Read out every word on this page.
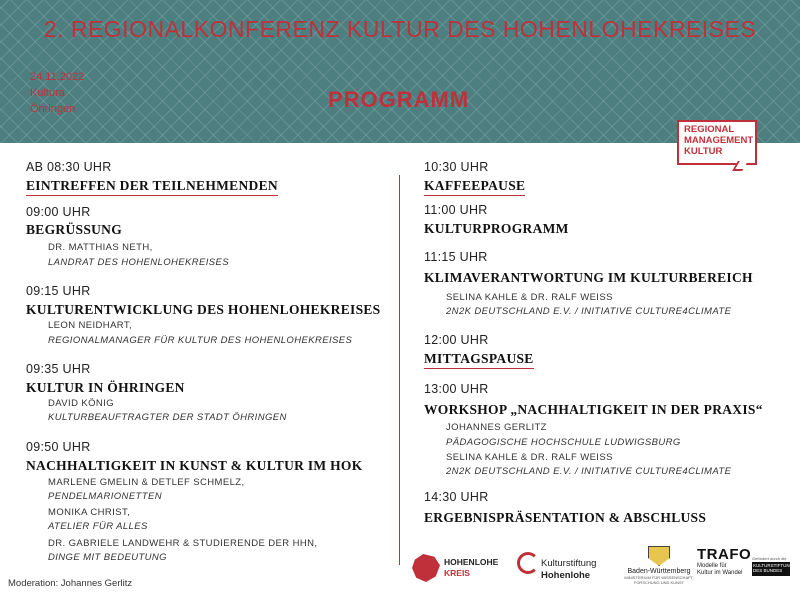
2. REGIONALKONFERENZ KULTUR DES HOHENLOHEKREISES
24.11.2022
Kultura
Öhringen	PROGRAMM
REGIONAL
MANAGEMENT
KULTUR
AB 08:30 UHR
EINTREFFEN DER TEILNEHMENDEN
09:00 UHR
BEGRÜSSUNG
DR. MATTHIAS NETH,
LANDRAT DES HOHENLOHEKREISES
09:15 UHR
KULTURENTWICKLUNG DES HOHENLOHEKREISES
LEON NEIDHART,
REGIONALMANAGER FÜR KULTUR DES HOHENLOHEKREISES
09:35 UHR
KULTUR IN ÖHRINGEN
DAVID KÖNIG
KULTURBEAUFTRAGTER DER STADT ÖHRINGEN
09:50 UHR
NACHHALTIGKEIT IN KUNST & KULTUR IM HOK
MARLENE GMELIN & DETLEF SCHMELZ,
PENDELMARIONETTEN
MONIKA CHRIST,
ATELIER FÜR ALLES
DR. GABRIELE LANDWEHR & STUDIERENDE DER HHN,
DINGE MIT BEDEUTUNG
10:30 UHR
KAFFEEPAUSE
11:00 UHR
KULTURPROGRAMM
11:15 UHR
KLIMAVERANTWORTUNG IM KULTURBEREICH
SELINA KAHLE & DR. RALF WEISS
2N2K DEUTSCHLAND E.V. / INITIATIVE CULTURE4CLIMATE
12:00 UHR
MITTAGSPAUSE
13:00 UHR
WORKSHOP „NACHHALTIGKEIT IN DER PRAXIS“
JOHANNES GERLITZ
PÄDAGOGISCHE HOCHSCHULE LUDWIGSBURG
SELINA KAHLE & DR. RALF WEISS
2N2K DEUTSCHLAND E.V. / INITIATIVE CULTURE4CLIMATE
14:30 UHR
ERGEBNISPRÄSENTATION & ABSCHLUSS
Moderation: Johannes Gerlitz
HOHENLOHE
KREIS
Kulturstiftung
Hohenlohe	Baden-Württemberg
MINISTERIUM FÜR WISSENSCHAFT, FORSCHUNG UND KUNST
TRAFO
Modelle für
Kultur im Wandel
Gefördert durch die
KULTURSTIFTUNG DES BUNDES
